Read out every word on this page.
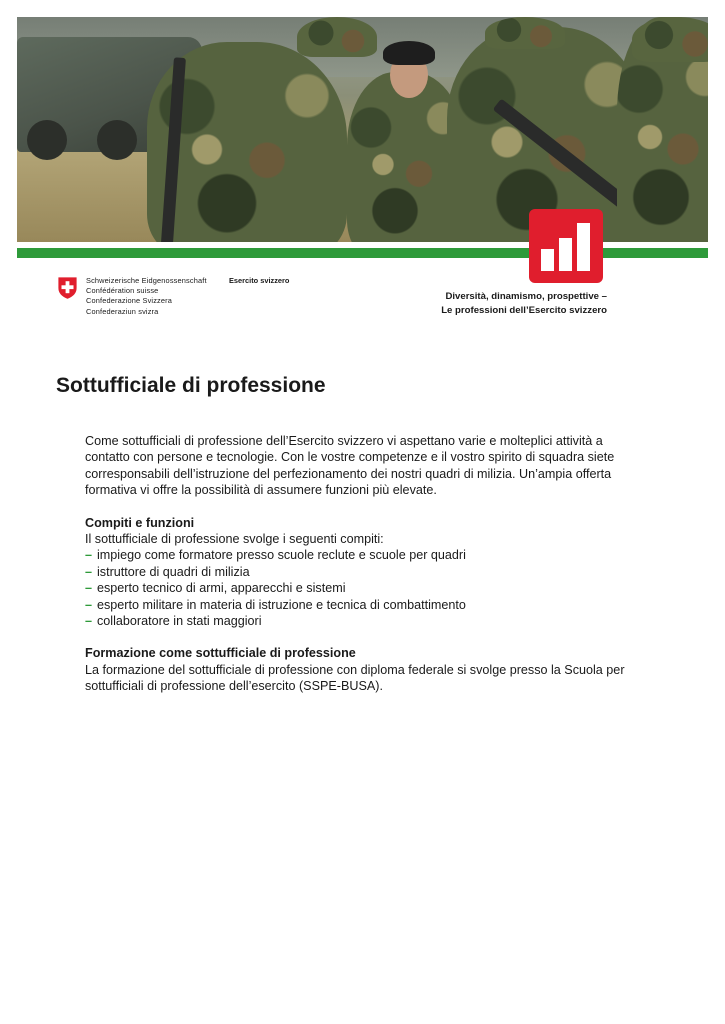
Schweizerische Eidgenossenschaft
Confédération suisse
Confederazione Svizzera
Confederaziun svizra
Esercito svizzero
Diversità, dinamismo, prospettive –
Le professioni dell’Esercito svizzero
Sottufficiale di professione

Come sottufficiali di professione dell’Esercito svizzero vi aspettano varie e molteplici attività a contatto con persone e tecnologie. Con le vostre competenze e il vostro spirito di squadra siete corresponsabili dell’istruzione del perfezionamento dei nostri quadri di milizia. Un’ampia offerta formativa vi offre la possibilità di assumere funzioni più elevate.

Compiti e funzioni
Il sottufficiale di professione svolge i seguenti compiti:
– impiego come formatore presso scuole reclute e scuole per quadri
– istruttore di quadri di milizia
– esperto tecnico di armi, apparecchi e sistemi
– esperto militare in materia di istruzione e tecnica di combattimento
– collaboratore in stati maggiori
Formazione come sottufficiale di professione
La formazione del sottufficiale di professione con diploma federale si svolge presso la Scuola per sottufficiali di professione dell’esercito (SSPE-BUSA).
